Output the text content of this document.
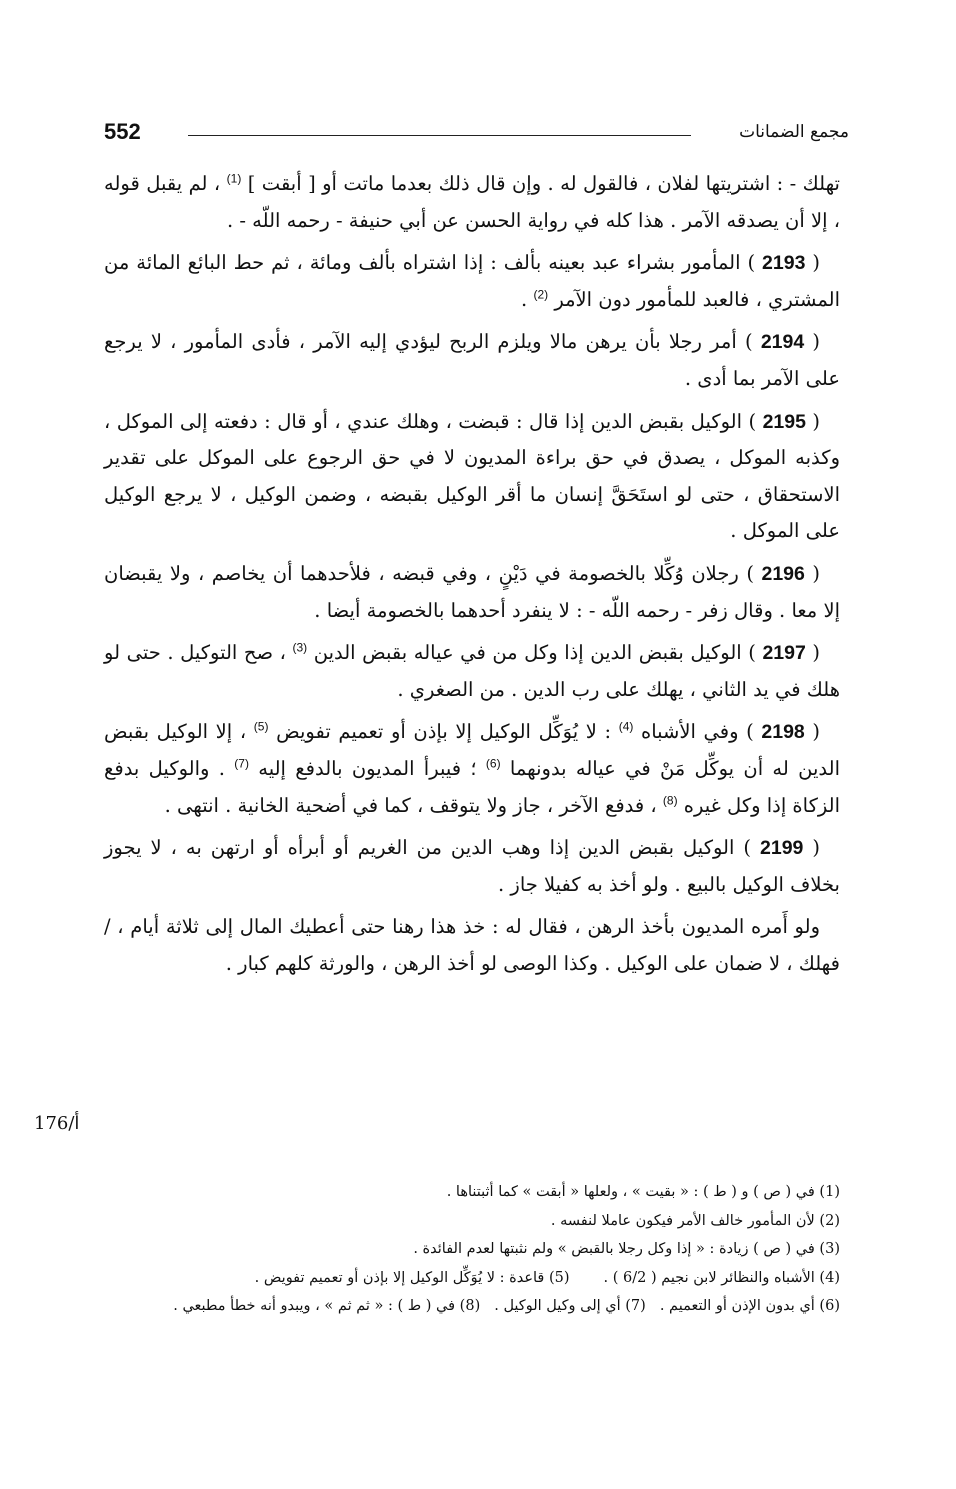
552	مجمع الضمانات

تهلك - : اشتريتها لفلان ، فالقول له . وإن قال ذلك بعدما ماتت أو [ أبقت ] $^{(1)}$ ، لم يقبل قوله ، إلا أن يصدقه الآمر . هذا كله في رواية الحسن عن أبي حنيفة - رحمه اللّه - .

( 2193 ) المأمور بشراء عبد بعينه بألف : إذا اشتراه بألف ومائة ، ثم حط البائع المائة من المشتري ، فالعبد للمأمور دون الآمر $^{(2)}$ .

( 2194 ) أمر رجلا بأن يرهن مالا ويلزم الربح ليؤدي إليه الآمر ، فأدى المأمور ، لا يرجع على الآمر بما أدى .

( 2195 ) الوكيل بقبض الدين إذا قال : قبضت ، وهلك عندي ، أو قال : دفعته إلى الموكل ، وكذبه الموكل ، يصدق في حق براءة المديون لا في حق الرجوع على الموكل على تقدير الاستحقاق ، حتى لو استَحَقَّ إنسان ما أقر الوكيل بقبضه ، وضمن الوكيل ، لا يرجع الوكيل على الموكل .

( 2196 ) رجلان وُكِّلا بالخصومة في دَيْنٍ ، وفي قبضه ، فلأحدهما أن يخاصم ، ولا يقبضان إلا معا . وقال زفر - رحمه اللّه - : لا ينفرد أحدهما بالخصومة أيضا .

( 2197 ) الوكيل بقبض الدين إذا وكل من في عياله بقبض الدين $^{(3)}$ ، صح التوكيل . حتى لو هلك في يد الثاني ، يهلك على رب الدين . من الصغري .

( 2198 ) وفي الأشباه $^{(4)}$ : لا يُوَكِّل الوكيل إلا بإذن أو تعميم تفويض $^{(5)}$ ، إلا الوكيل بقبض الدين له أن يوكِّل مَنْ في عياله بدونهما $^{(6)}$ ؛ فيبرأ المديون بالدفع إليه $^{(7)}$ . والوكيل بدفع الزكاة إذا وكل غيره $^{(8)}$ ، فدفع الآخر ، جاز ولا يتوقف ، كما في أضحية الخانية . انتهى .

( 2199 ) الوكيل بقبض الدين إذا وهب الدين من الغريم أو أبرأه أو ارتهن به ، لا يجوز بخلاف الوكيل بالبيع . ولو أخذ به كفيلا جاز .

ولو أَمره المديون بأخذ الرهن ، فقال له : خذ هذا رهنا حتى أعطيك المال إلى ثلاثة أيام ، / فهلك ، لا ضمان على الوكيل . وكذا الوصى لو أخذ الرهن ، والورثة كلهم كبار .

176/أ
(1) في ( ص ) و ( ط ) : « بقيت » ، ولعلها « أبقت » كما أثبتناها .
(2) لأن المأمور خالف الأمر فيكون عاملا لنفسه .
(3) في ( ص ) زيادة : « إذا وكل رجلا بالقبض » ولم نثبتها لعدم الفائدة .
(4) الأشباه والنظائر لابن نجيم ( 6/2 ) .(5) قاعدة : لا يُوَكِّل الوكيل إلا بإذن أو تعميم تفويض .
(6) أي بدون الإذن أو التعميم .(7) أي إلى وكيل الوكيل .(8) في ( ط ) : « ثم ثم » ، ويبدو أنه خطأ مطبعي .
